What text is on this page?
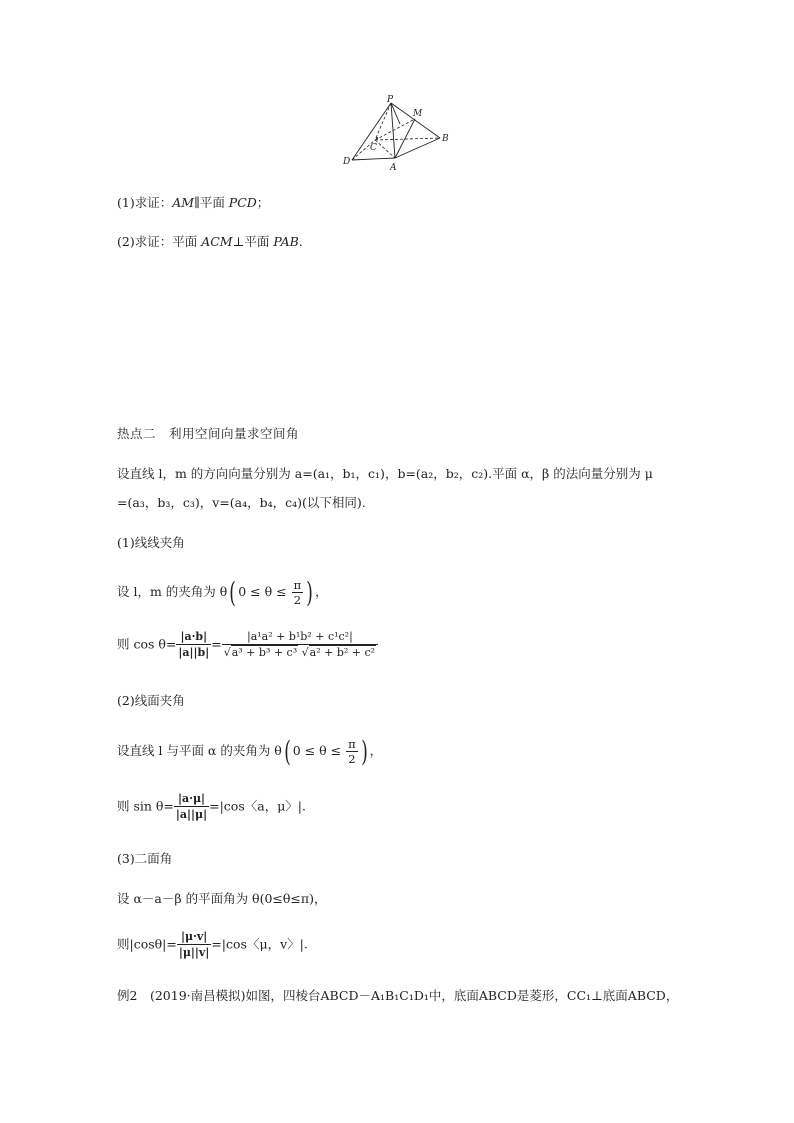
P
M
B
C
D
A
(1)求证：AM∥平面 PCD；
(2)求证：平面 ACM⊥平面 PAB.
热点二　利用空间向量求空间角
设直线 l，m 的方向向量分别为 a=(a₁，b₁，c₁)，b=(a₂，b₂，c₂).平面 α，β 的法向量分别为 μ
=(a₃，b₃，c₃)，v=(a₄，b₄，c₄)(以下相同).
(1)线线夹角
设 l，m 的夹角为 θ( $0 \le \theta \le \frac{\pi}{2}$ ) ，
则 $\cos \theta= \frac{|a\cdot b|}{|a||b|} = \frac{\text{|a¹a² + b¹b² + c¹c²|}}{\text{√a³ + b³ + c³ √a² + b² + c²}}$
(2)线面夹角
设直线 l 与平面 α 的夹角为 θ( $0 \le \theta \le \frac{\pi}{2}$ ) ，
则 $\sin \theta= \frac{|a\cdot\mu|}{|a||\mu|} =|\cos$〈a，μ〉|.
(3)二面角
设 α－a－β 的平面角为 θ(0≤θ≤π)，
则$|\cos\theta|= \frac{|\mu\cdot v|}{|\mu||v|} =|\cos$〈μ，v〉|.
例2　(2019·南昌模拟)如图，四棱台ABCD－A₁B₁C₁D₁中，底面ABCD是菱形，CC₁⊥底面ABCD，
